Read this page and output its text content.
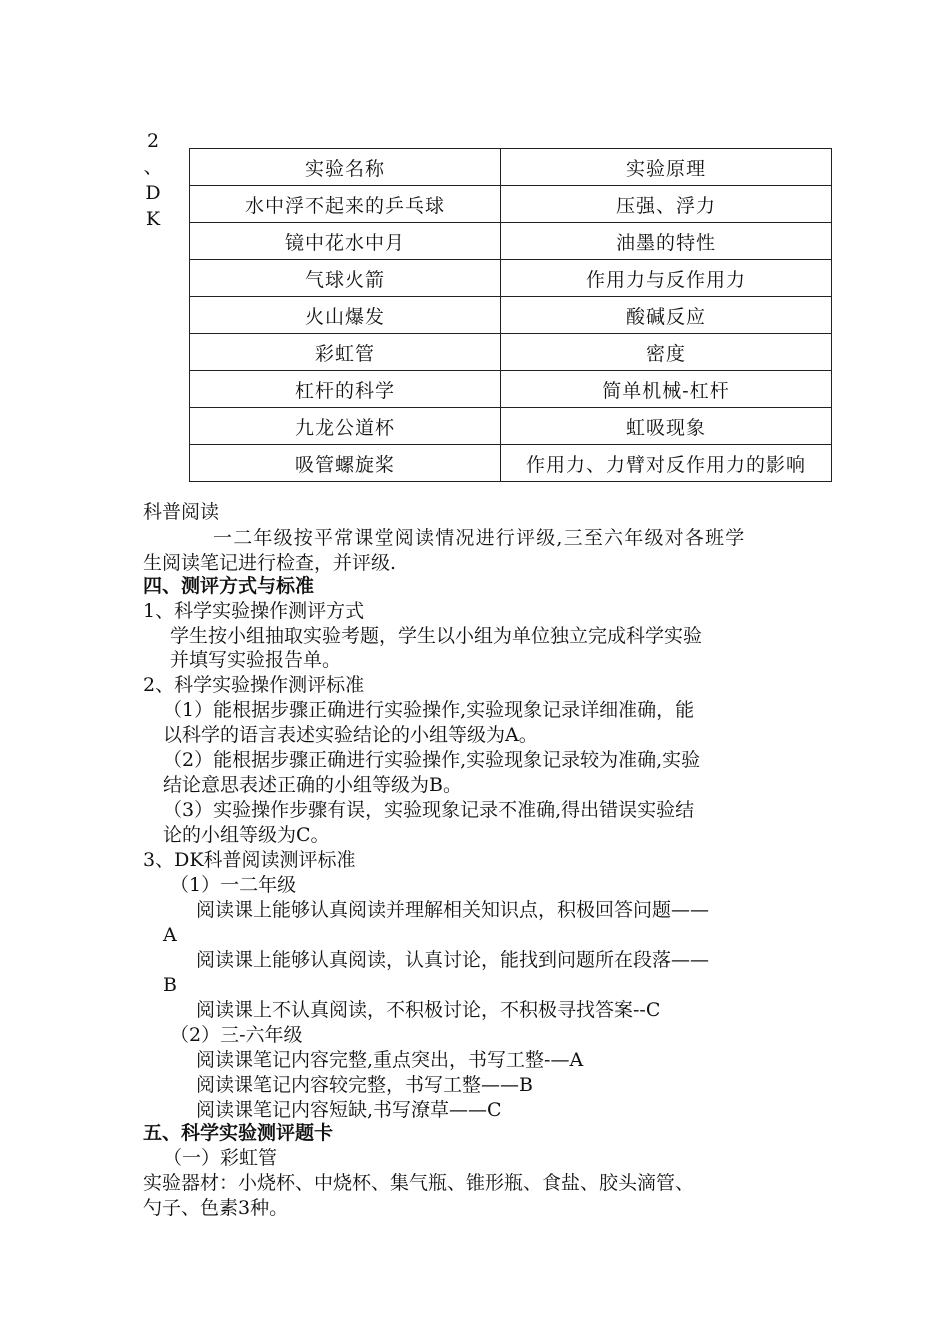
2
、
D
K
实验名称	实验原理
水中浮不起来的乒乓球	压强、浮力
镜中花水中月	油墨的特性
气球火箭	作用力与反作用力
火山爆发	酸碱反应
彩虹管	密度
杠杆的科学	简单机械-杠杆
九龙公道杯	虹吸现象
吸管螺旋桨	作用力、力臂对反作用力的影响
科普阅读
一二年级按平常课堂阅读情况进行评级,三至六年级对各班学
生阅读笔记进行检查，并评级.
四、测评方式与标准
1、科学实验操作测评方式
学生按小组抽取实验考题，学生以小组为单位独立完成科学实验
并填写实验报告单。
2、科学实验操作测评标准
（1）能根据步骤正确进行实验操作,实验现象记录详细准确，能
以科学的语言表述实验结论的小组等级为A。
（2）能根据步骤正确进行实验操作,实验现象记录较为准确,实验
结论意思表述正确的小组等级为B。
（3）实验操作步骤有误，实验现象记录不准确,得出错误实验结
论的小组等级为C。
3、DK科普阅读测评标准
（1）一二年级
阅读课上能够认真阅读并理解相关知识点，积极回答问题——
A
阅读课上能够认真阅读，认真讨论，能找到问题所在段落——
B
阅读课上不认真阅读，不积极讨论，不积极寻找答案--C
（2）三-六年级
阅读课笔记内容完整,重点突出，书写工整-—A
阅读课笔记内容较完整，书写工整——B
阅读课笔记内容短缺,书写潦草——C
五、科学实验测评题卡
（一）彩虹管
实验器材：小烧杯、中烧杯、集气瓶、锥形瓶、食盐、胶头滴管、
勺子、色素3种。
